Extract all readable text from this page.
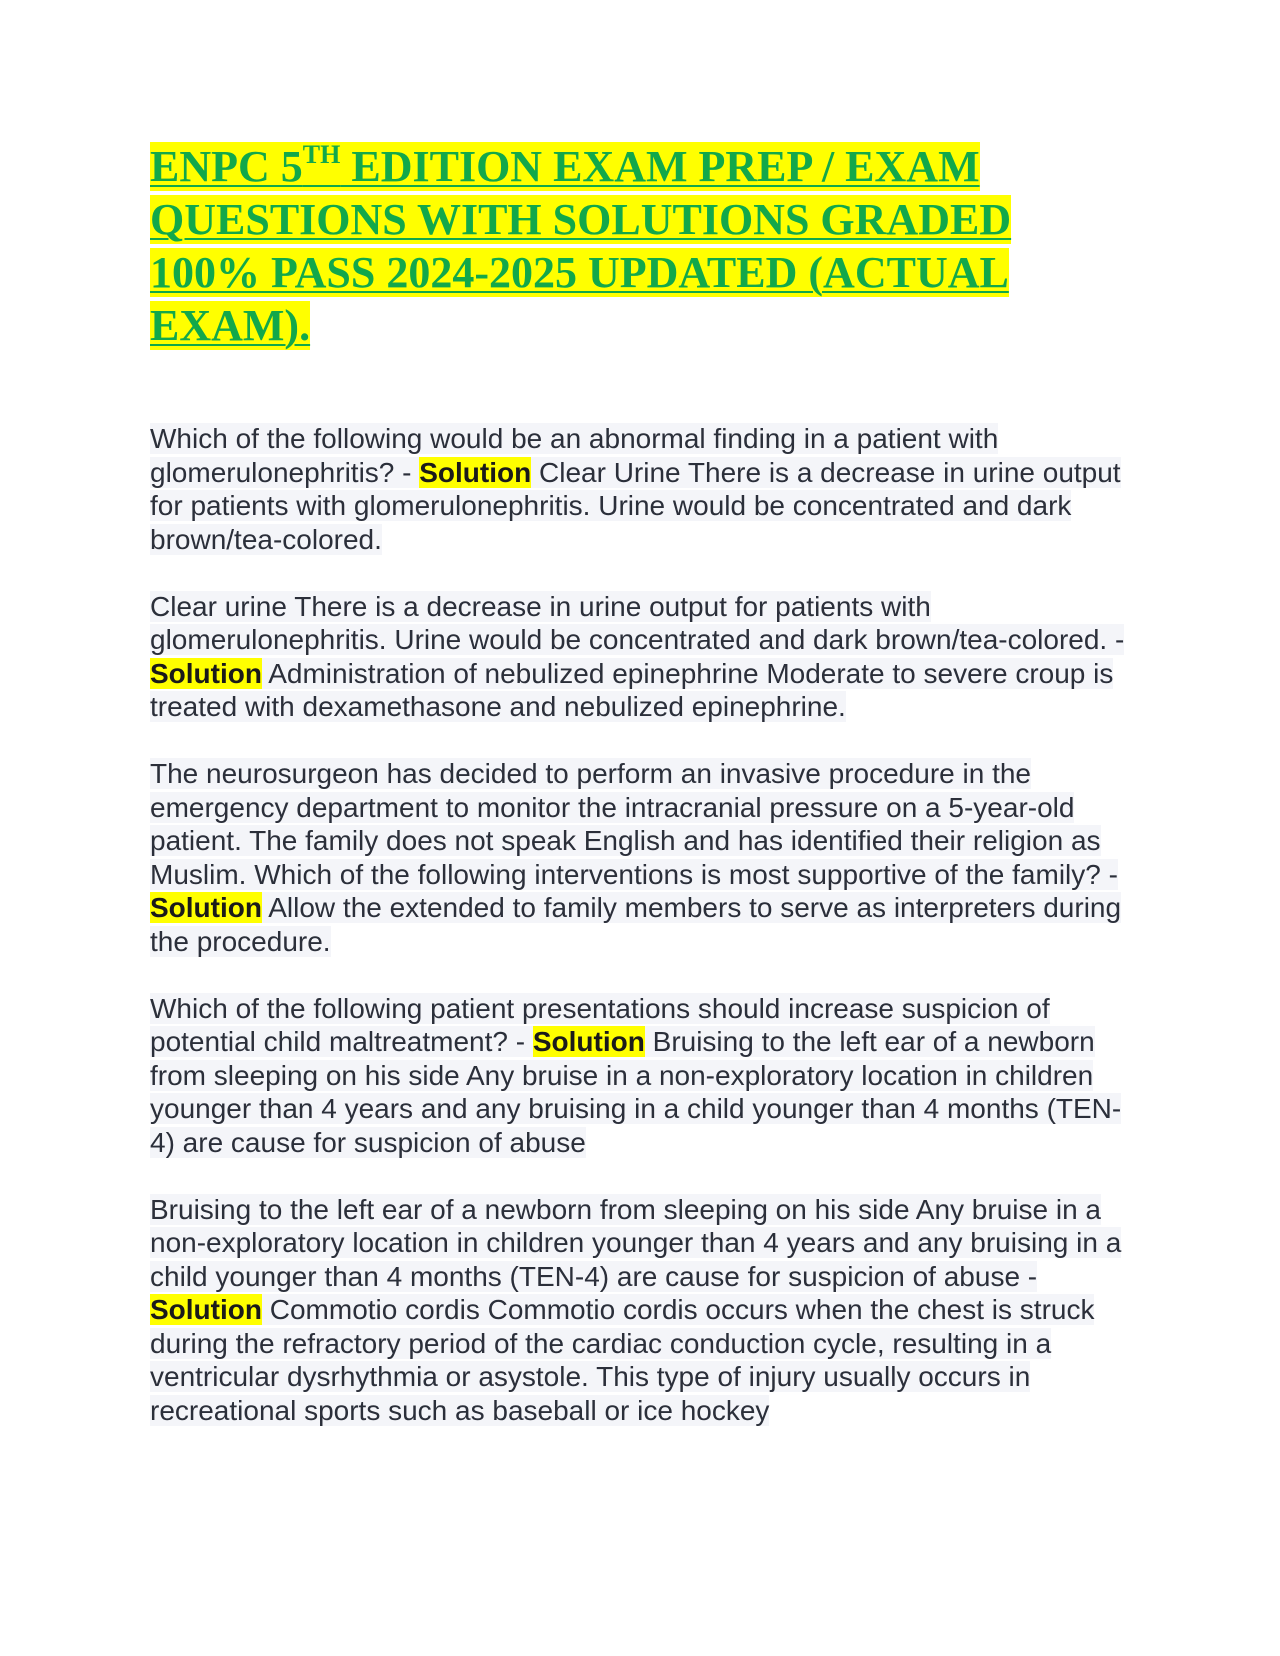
ENPC 5TH EDITION EXAM PREP / EXAM QUESTIONS WITH SOLUTIONS GRADED 100% PASS 2024-2025 UPDATED (ACTUAL EXAM).

Which of the following would be an abnormal finding in a patient with glomerulonephritis? - Solution Clear Urine There is a decrease in urine output for patients with glomerulonephritis. Urine would be concentrated and dark brown/tea-colored.

Clear urine There is a decrease in urine output for patients with glomerulonephritis. Urine would be concentrated and dark brown/tea-colored. - Solution Administration of nebulized epinephrine Moderate to severe croup is treated with dexamethasone and nebulized epinephrine.

The neurosurgeon has decided to perform an invasive procedure in the emergency department to monitor the intracranial pressure on a 5-year-old patient. The family does not speak English and has identified their religion as Muslim. Which of the following interventions is most supportive of the family? - Solution Allow the extended to family members to serve as interpreters during the procedure.

Which of the following patient presentations should increase suspicion of potential child maltreatment? - Solution Bruising to the left ear of a newborn from sleeping on his side Any bruise in a non-exploratory location in children younger than 4 years and any bruising in a child younger than 4 months (TEN-4) are cause for suspicion of abuse

Bruising to the left ear of a newborn from sleeping on his side Any bruise in a non-exploratory location in children younger than 4 years and any bruising in a child younger than 4 months (TEN-4) are cause for suspicion of abuse - Solution Commotio cordis Commotio cordis occurs when the chest is struck during the refractory period of the cardiac conduction cycle, resulting in a ventricular dysrhythmia or asystole. This type of injury usually occurs in recreational sports such as baseball or ice hockey
